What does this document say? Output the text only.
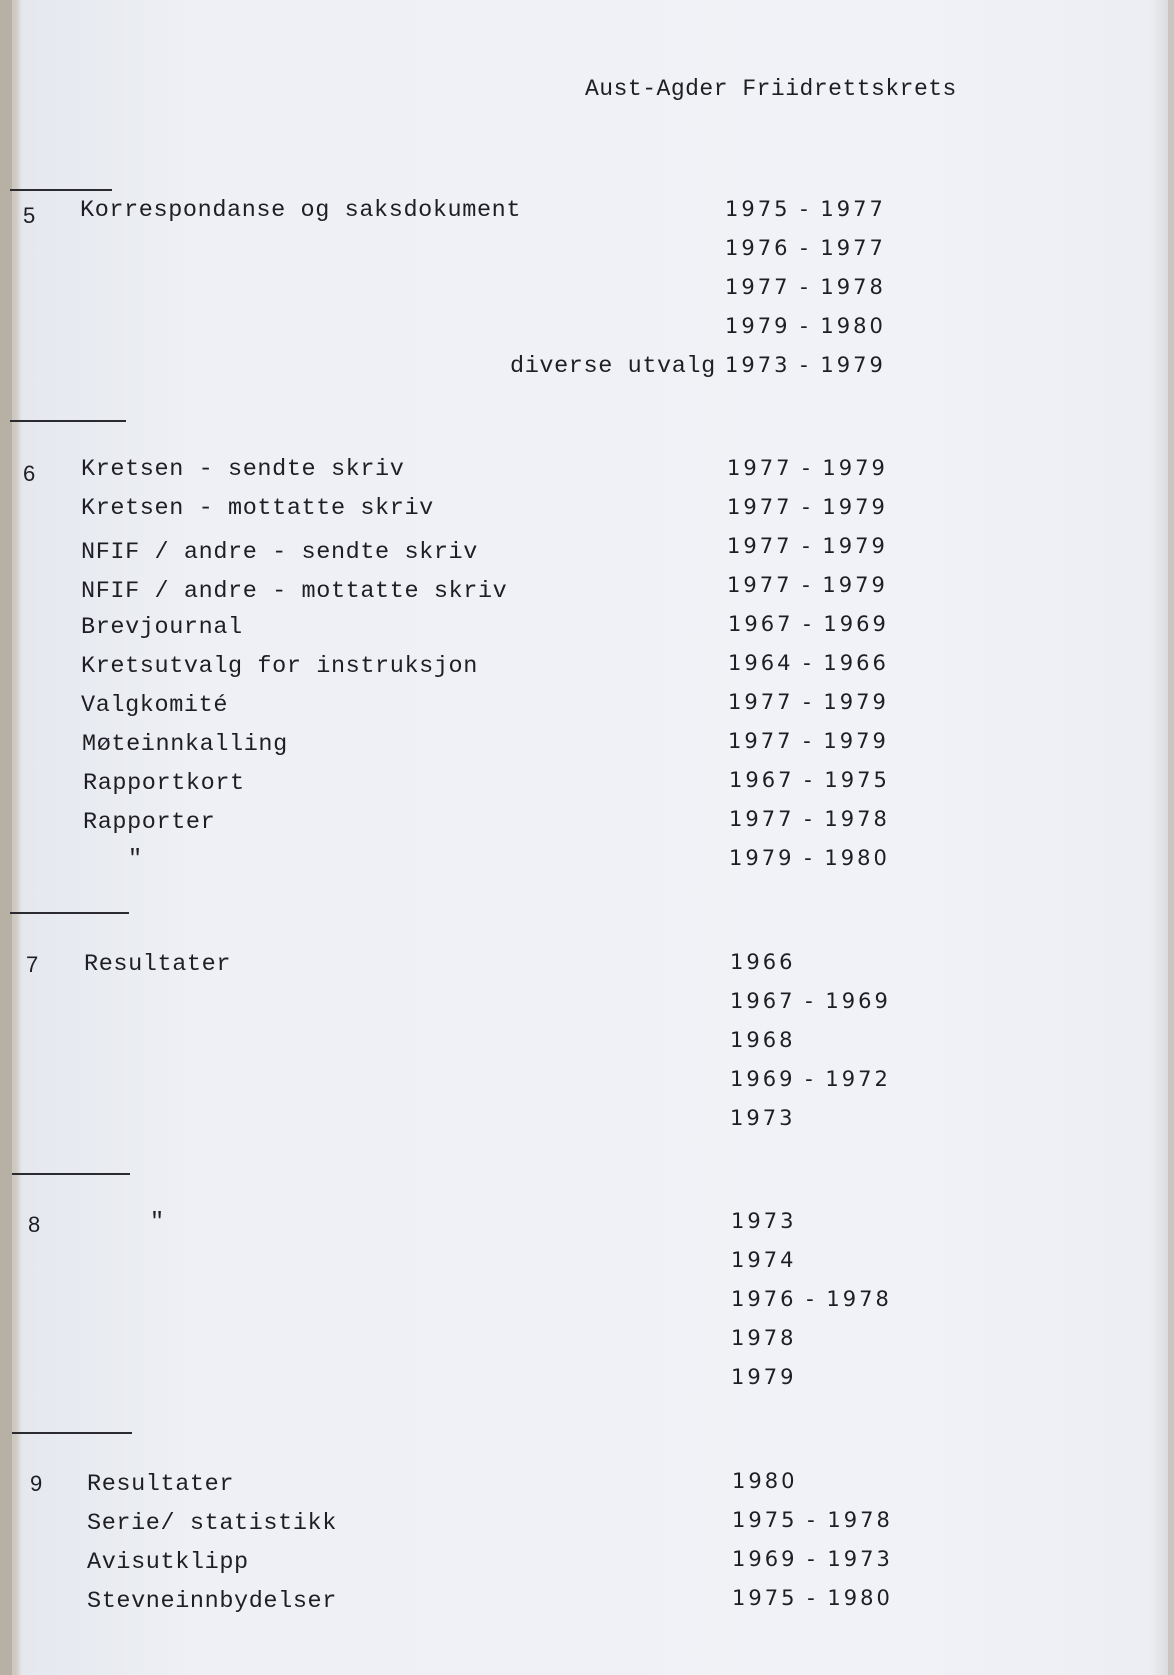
Aust-Agder Friidrettskrets
5 Korrespondanse og saksdokument	1975 - 1977
1976 - 1977
1977 - 1978
1979 - 1980
diverse utvalg 1973 - 1979
6 Kretsen - sendte skriv	1977 - 1979
Kretsen - mottatte skriv	1977 - 1979
NFIF / andre - sendte skriv	1977 - 1979
NFIF / andre - mottatte skriv	1977 - 1979
Brevjournal	1967 - 1969
Kretsutvalg for instruksjon	1964 - 1966
Valgkomité	1977 - 1979
Møteinnkalling	1977 - 1979
Rapportkort	1967 - 1975
Rapporter	1977 - 1978
"	1979 - 1980
7 Resultater	1966
1967 - 1969
1968
1969 - 1972
1973
8	"	1973
1974
1976 - 1978
1978
1979
9 Resultater	1980
Serie/ statistikk	1975 - 1978
Avisutklipp	1969 - 1973
Stevneinnbydelser	1975 - 1980
